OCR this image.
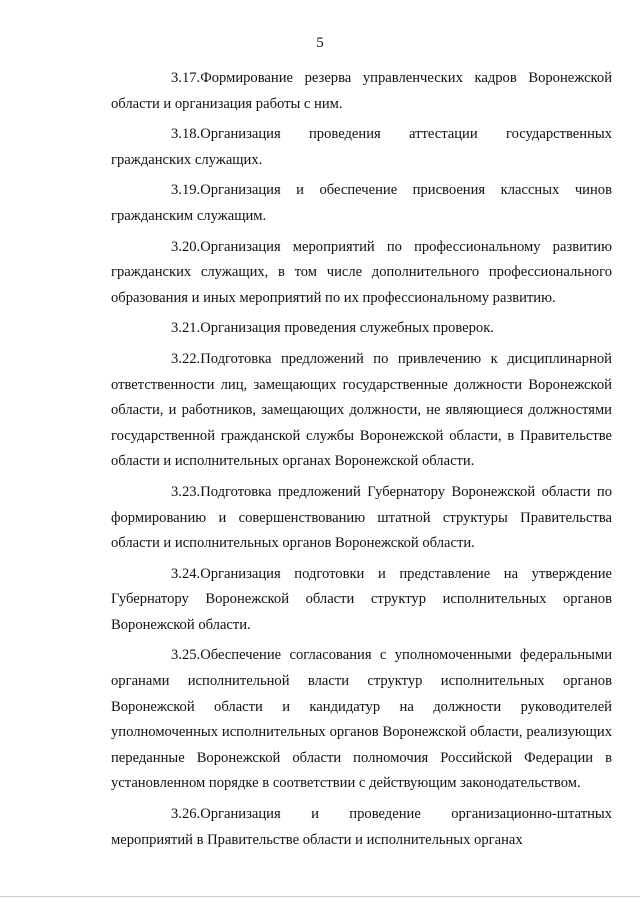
5

3.17.Формирование резерва управленческих кадров Воронежской области и организация работы с ним.

3.18.Организация проведения аттестации государственных гражданских служащих.

3.19.Организация и обеспечение присвоения классных чинов гражданским служащим.

3.20.Организация мероприятий по профессиональному развитию гражданских служащих, в том числе дополнительного профессионального образования и иных мероприятий по их профессиональному развитию.

3.21.Организация проведения служебных проверок.

3.22.Подготовка предложений по привлечению к дисциплинарной ответственности лиц, замещающих государственные должности Воронежской области, и работников, замещающих должности, не являющиеся должностями государственной гражданской службы Воронежской области, в Правительстве области и исполнительных органах Воронежской области.

3.23.Подготовка предложений Губернатору Воронежской области по формированию и совершенствованию штатной структуры Правительства области и исполнительных органов Воронежской области.

3.24.Организация подготовки и представление на утверждение Губернатору Воронежской области структур исполнительных органов Воронежской области.

3.25.Обеспечение согласования с уполномоченными федеральными органами исполнительной власти структур исполнительных органов Воронежской области и кандидатур на должности руководителей уполномоченных исполнительных органов Воронежской области, реализующих переданные Воронежской области полномочия Российской Федерации в установленном порядке в соответствии с действующим законодательством.

3.26.Организация и проведение организационно-штатных мероприятий в Правительстве области и исполнительных органах
